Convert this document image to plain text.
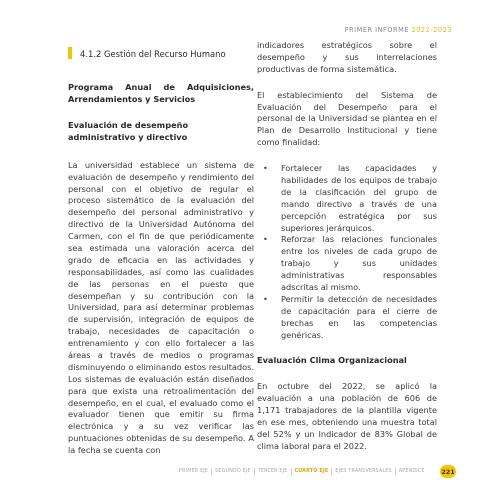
PRIMER INFORME 2022-2023
4.1.2 Gestión del Recurso Humano

Programa Anual de Adquisiciones, Arrendamientos y Servicios

Evaluación de desempeño administrativo y directivo

La universidad establece un sistema de evaluación de desempeño y rendimiento del personal con el objetivo de regular el proceso sistemático de la evaluación del desempeño del personal administrativo y directivo de la Universidad Autónoma del Carmen, con el fin de que periódicamente sea estimada una valoración acerca del grado de eficacia en las actividades y responsabilidades, así como las cualidades de las personas en el puesto que desempeñan y su contribución con la Universidad, para así determinar problemas de supervisión, integración de equipos de trabajo, necesidades de capacitación o entrenamiento y con ello fortalecer a las áreas a través de medios o programas disminuyendo o eliminando estos resultados. Los sistemas de evaluación están diseñados para que exista una retroalimentación del desempeño, en el cual, el evaluado como el evaluador tienen que emitir su firma electrónica y a su vez verificar las puntuaciones obtenidas de su desempeño. A la fecha se cuenta con

indicadores estratégicos sobre el desempeño y sus interrelaciones productivas de forma sistemática.

El establecimiento del Sistema de Evaluación del Desempeño para el personal de la Universidad se plantea en el Plan de Desarrollo Institucional y tiene como finalidad:

• Fortalecer las capacidades y habilidades de los equipos de trabajo de la clasificación del grupo de mando directivo a través de una percepción estratégica por sus superiores jerárquicos.
• Reforzar las relaciones funcionales entre los niveles de cada grupo de trabajo y sus unidades administrativas responsables adscritas al mismo.
• Permitir la detección de necesidades de capacitación para el cierre de brechas en las competencias genéricas.

Evaluación Clima Organizacional

En octubre del 2022, se aplicó la evaluación a una población de 606 de 1,171 trabajadores de la plantilla vigente en ese mes, obteniendo una muestra total del 52% y un Indicador de 83% Global de clima laboral para el 2022.

PRIMER EJE	SEGUNDO EJE	TERCER EJE	CUARTO EJE	EJES TRANSVERSALES	APÉNDICE	221
